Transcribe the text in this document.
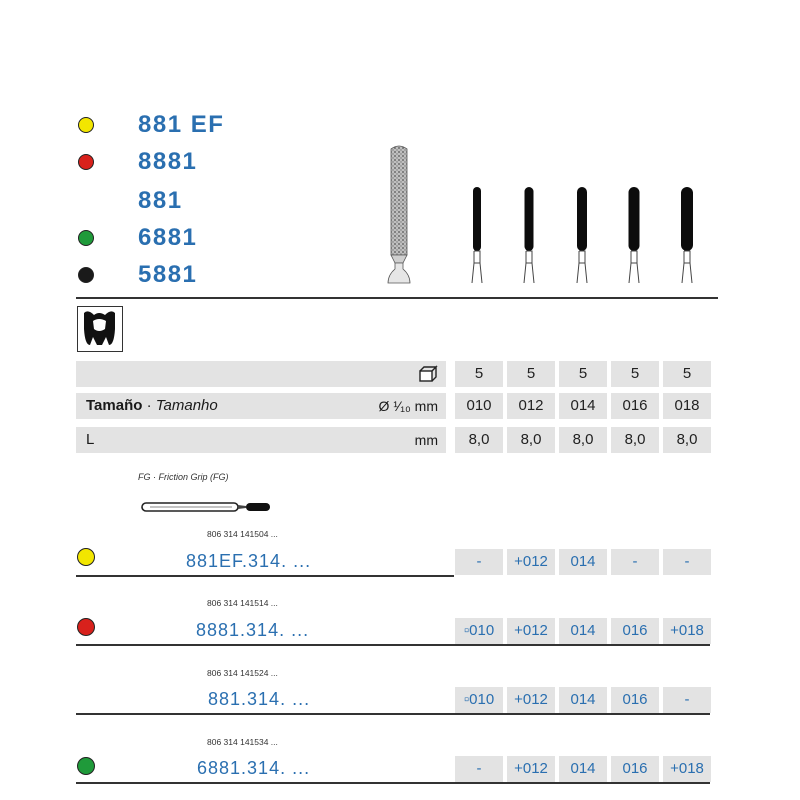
881 EF
8881
881
6881
5881
5	5	5	5	5
Tamaño · Tamanho	Ø ¹⁄₁₀ mm	010	012	014	016	018
L	mm	8,0	8,0	8,0	8,0	8,0
FG · Friction Grip (FG)
806 314 141504 ...
881EF.314. ...	-	+012	014	-	-
806 314 141514 ...
8881.314. ...	▫010	+012	014	016	+018
806 314 141524 ...
881.314. ...	▫010	+012	014	016	-
806 314 141534 ...
6881.314. ...	-	+012	014	016	+018
